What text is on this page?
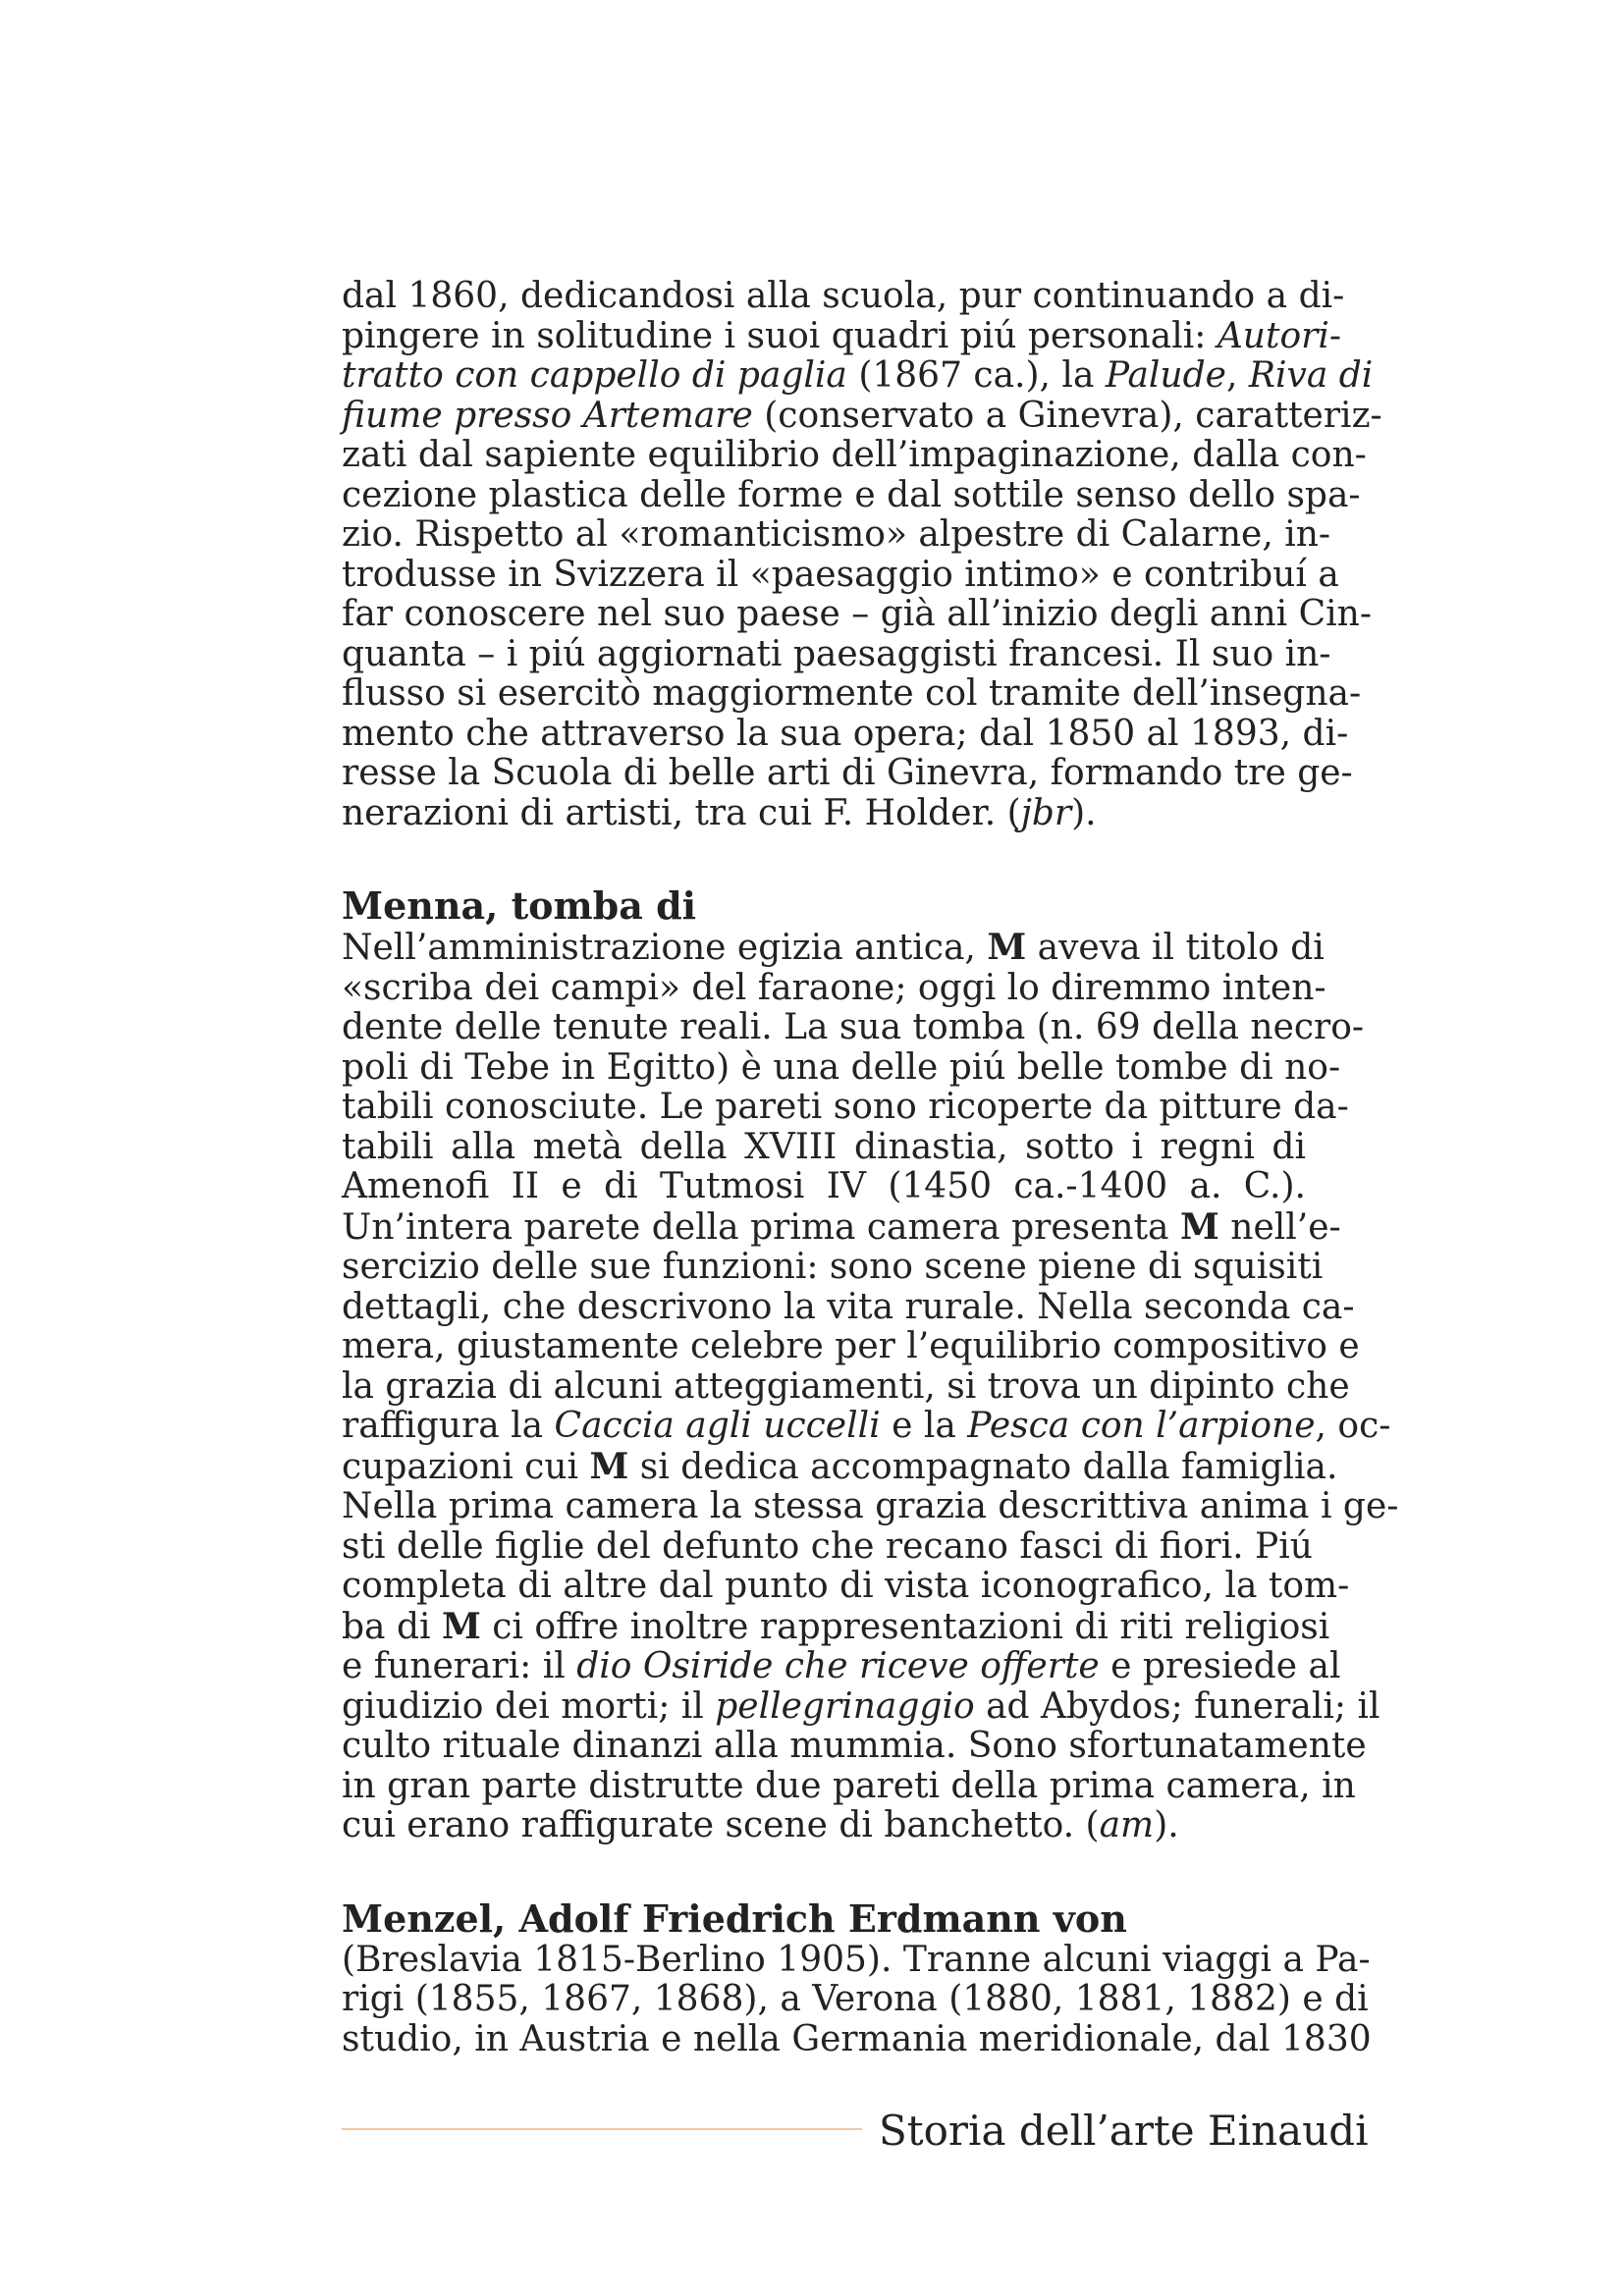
dal 1860, dedicandosi alla scuola, pur continuando a di-
pingere in solitudine i suoi quadri piú personali: Autori-
tratto con cappello di paglia (1867 ca.), la Palude, Riva di
fiume presso Artemare (conservato a Ginevra), caratteriz-
zati dal sapiente equilibrio dell’impaginazione, dalla con-
cezione plastica delle forme e dal sottile senso dello spa-
zio. Rispetto al «romanticismo» alpestre di Calarne, in-
trodusse in Svizzera il «paesaggio intimo» e contribuí a
far conoscere nel suo paese – già all’inizio degli anni Cin-
quanta – i piú aggiornati paesaggisti francesi. Il suo in-
flusso si esercitò maggiormente col tramite dell’insegna-
mento che attraverso la sua opera; dal 1850 al 1893, di-
resse la Scuola di belle arti di Ginevra, formando tre ge-
nerazioni di artisti, tra cui F. Holder. (jbr).
Menna, tomba di
Nell’amministrazione egizia antica, M aveva il titolo di
«scriba dei campi» del faraone; oggi lo diremmo inten-
dente delle tenute reali. La sua tomba (n. 69 della necro-
poli di Tebe in Egitto) è una delle piú belle tombe di no-
tabili conosciute. Le pareti sono ricoperte da pitture da-
tabili alla metà della XVIII dinastia, sotto i regni di
Amenofi II e di Tutmosi IV (1450 ca.-1400 a. C.).
Un’intera parete della prima camera presenta M nell’e-
sercizio delle sue funzioni: sono scene piene di squisiti
dettagli, che descrivono la vita rurale. Nella seconda ca-
mera, giustamente celebre per l’equilibrio compositivo e
la grazia di alcuni atteggiamenti, si trova un dipinto che
raffigura la Caccia agli uccelli e la Pesca con l’arpione, oc-
cupazioni cui M si dedica accompagnato dalla famiglia.
Nella prima camera la stessa grazia descrittiva anima i ge-
sti delle figlie del defunto che recano fasci di fiori. Piú
completa di altre dal punto di vista iconografico, la tom-
ba di M ci offre inoltre rappresentazioni di riti religiosi
e funerari: il dio Osiride che riceve offerte e presiede al
giudizio dei morti; il pellegrinaggio ad Abydos; funerali; il
culto rituale dinanzi alla mummia. Sono sfortunatamente
in gran parte distrutte due pareti della prima camera, in
cui erano raffigurate scene di banchetto. (am).
Menzel, Adolf Friedrich Erdmann von
(Breslavia 1815-Berlino 1905). Tranne alcuni viaggi a Pa-
rigi (1855, 1867, 1868), a Verona (1880, 1881, 1882) e di
studio, in Austria e nella Germania meridionale, dal 1830
Storia dell’arte Einaudi
